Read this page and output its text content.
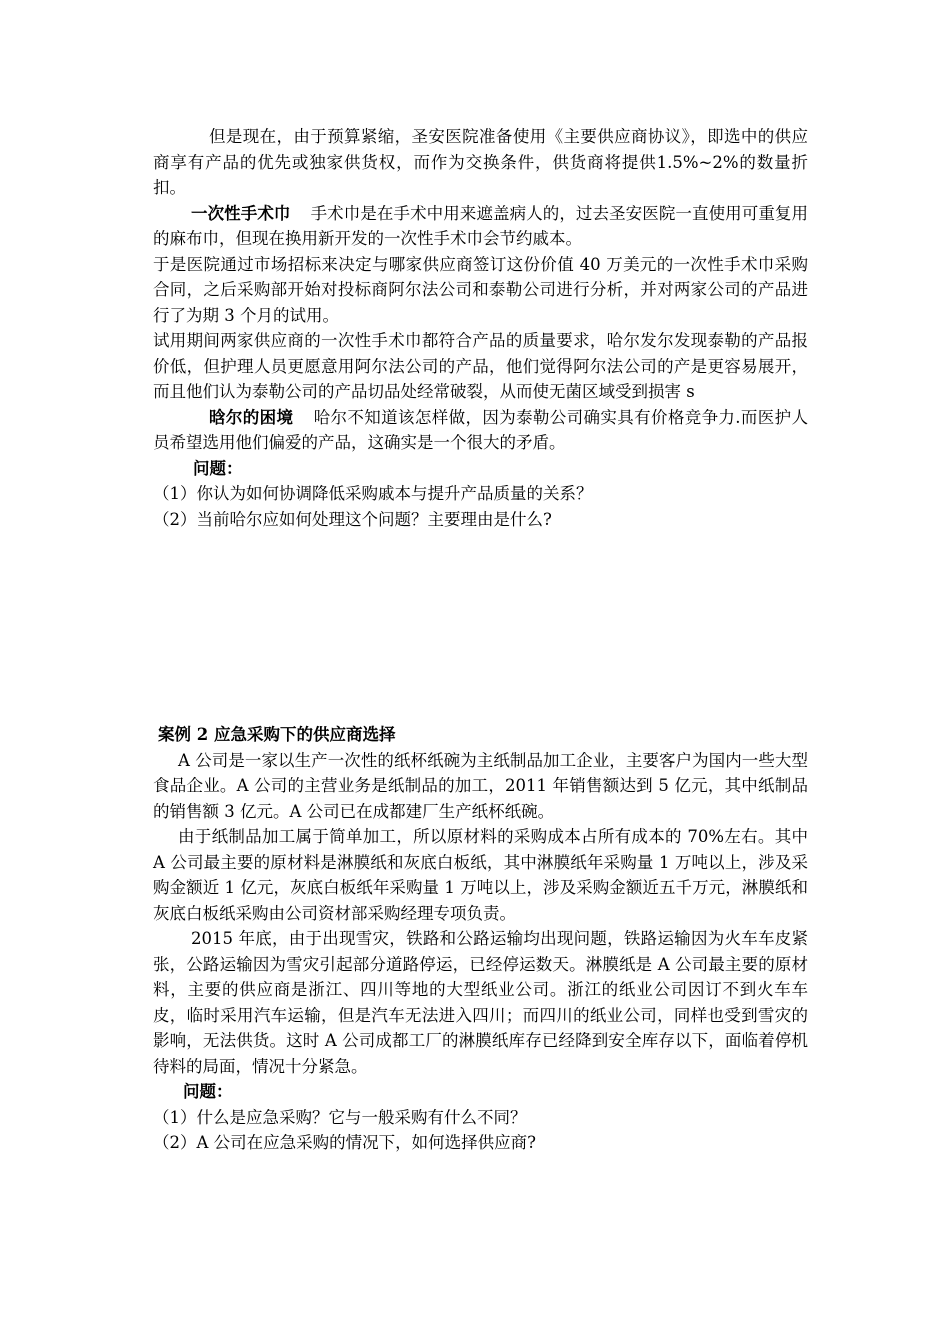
但是现在，由于预算紧缩，圣安医院准备使用《主要供应商协议》，即选中的供应商享有产品的优先或独家供货权，而作为交换条件，供货商将提供1.5%~2%的数量折扣。

一次性手术巾 手术巾是在手术中用来遮盖病人的，过去圣安医院一直使用可重复用的麻布巾，但现在换用新开发的一次性手术巾会节约戚本。

于是医院通过市场招标来决定与哪家供应商签订这份价值 40 万美元的一次性手术巾采购合同，之后采购部开始对投标商阿尔法公司和泰勒公司进行分析，并对两家公司的产品进行了为期 3 个月的试用。

试用期间两家供应商的一次性手术巾都符合产品的质量要求，哈尔发尔发现泰勒的产品报价低，但护理人员更愿意用阿尔法公司的产品，他们觉得阿尔法公司的产是更容易展开，而且他们认为泰勒公司的产品切品处经常破裂，从而使无菌区域受到损害 s

晗尔的困境 哈尔不知道该怎样做，因为泰勒公司确实具有价格竞争力.而医护人员希望选用他们偏爱的产品，这确实是一个很大的矛盾。

问题：

（1）你认为如何协调降低采购戚本与提升产品质量的关系？

（2）当前哈尔应如何处理这个问题？主要理由是什么?

案例 2 应急采购下的供应商选择

A 公司是一家以生产一次性的纸杯纸碗为主纸制品加工企业，主要客户为国内一些大型食品企业。A 公司的主营业务是纸制品的加工，2011 年销售额达到 5 亿元，其中纸制品的销售额 3 亿元。A 公司已在成都建厂生产纸杯纸碗。

由于纸制品加工属于简单加工，所以原材料的采购成本占所有成本的 70%左右。其中 A 公司最主要的原材料是淋膜纸和灰底白板纸，其中淋膜纸年采购量 1 万吨以上，涉及采购金额近 1 亿元，灰底白板纸年采购量 1 万吨以上，涉及采购金额近五千万元，淋膜纸和灰底白板纸采购由公司资材部采购经理专项负责。

2015 年底，由于出现雪灾，铁路和公路运输均出现问题，铁路运输因为火车车皮紧张，公路运输因为雪灾引起部分道路停运，已经停运数天。淋膜纸是 A 公司最主要的原材料，主要的供应商是浙江、四川等地的大型纸业公司。浙江的纸业公司因订不到火车车皮，临时采用汽车运输，但是汽车无法进入四川；而四川的纸业公司，同样也受到雪灾的影响，无法供货。这时 A 公司成都工厂的淋膜纸库存已经降到安全库存以下，面临着停机待料的局面，情况十分紧急。

问题：

（1）什么是应急采购？它与一般采购有什么不同？

（2）A 公司在应急采购的情况下，如何选择供应商?
